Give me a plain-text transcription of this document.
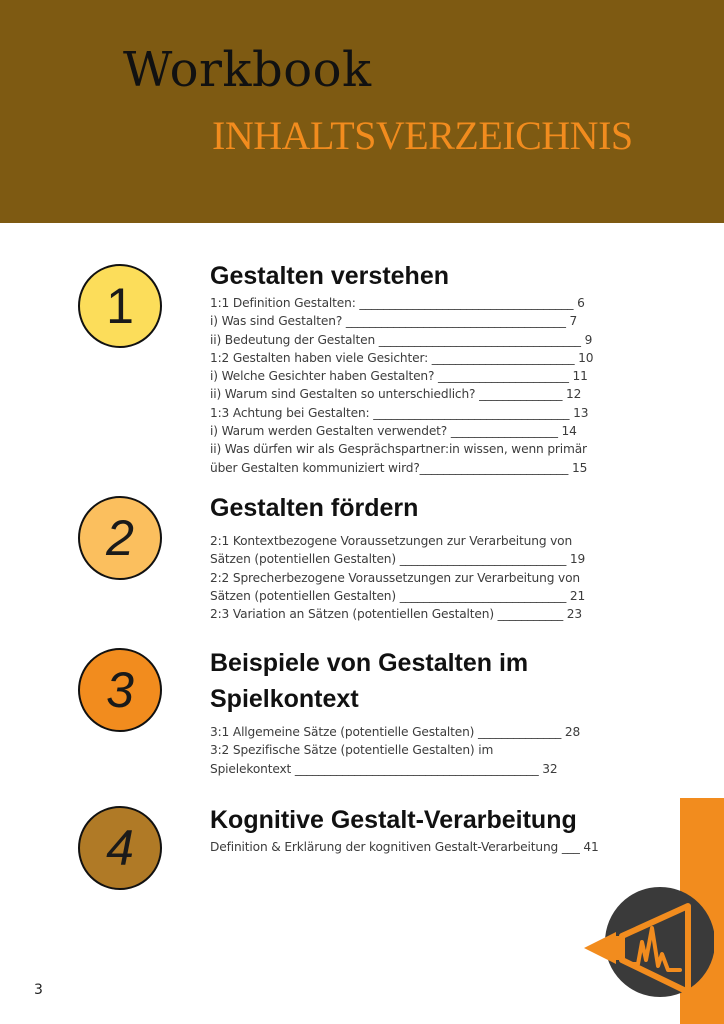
Workbook
INHALTSVERZEICHNIS
1
Gestalten verstehen
1:1 Definition Gestalten: ____________________________________ 6
i) Was sind Gestalten? _____________________________________ 7
ii) Bedeutung der Gestalten __________________________________ 9
1:2 Gestalten haben viele Gesichter: ________________________ 10
i) Welche Gesichter haben Gestalten? ______________________ 11
ii) Warum sind Gestalten so unterschiedlich? ______________ 12
1:3 Achtung bei Gestalten: _________________________________ 13
i) Warum werden Gestalten verwendet? __________________ 14
ii) Was dürfen wir als Gesprächspartner:in wissen, wenn primär
über Gestalten kommuniziert wird?_________________________ 15
2
Gestalten fördern
2:1 Kontextbezogene Voraussetzungen zur Verarbeitung von
Sätzen (potentiellen Gestalten) ____________________________ 19
2:2 Sprecherbezogene Voraussetzungen zur Verarbeitung von
Sätzen (potentiellen Gestalten) ____________________________ 21
2:3 Variation an Sätzen (potentiellen Gestalten) ___________ 23
3	Beispiele von Gestalten im
Spielkontext
3:1 Allgemeine Sätze (potentielle Gestalten) ______________ 28
3:2 Spezifische Sätze (potentielle Gestalten) im
Spielekontext _________________________________________ 32
4	Kognitive Gestalt-Verarbeitung
Definition & Erklärung der kognitiven Gestalt-Verarbeitung ___ 41
3
